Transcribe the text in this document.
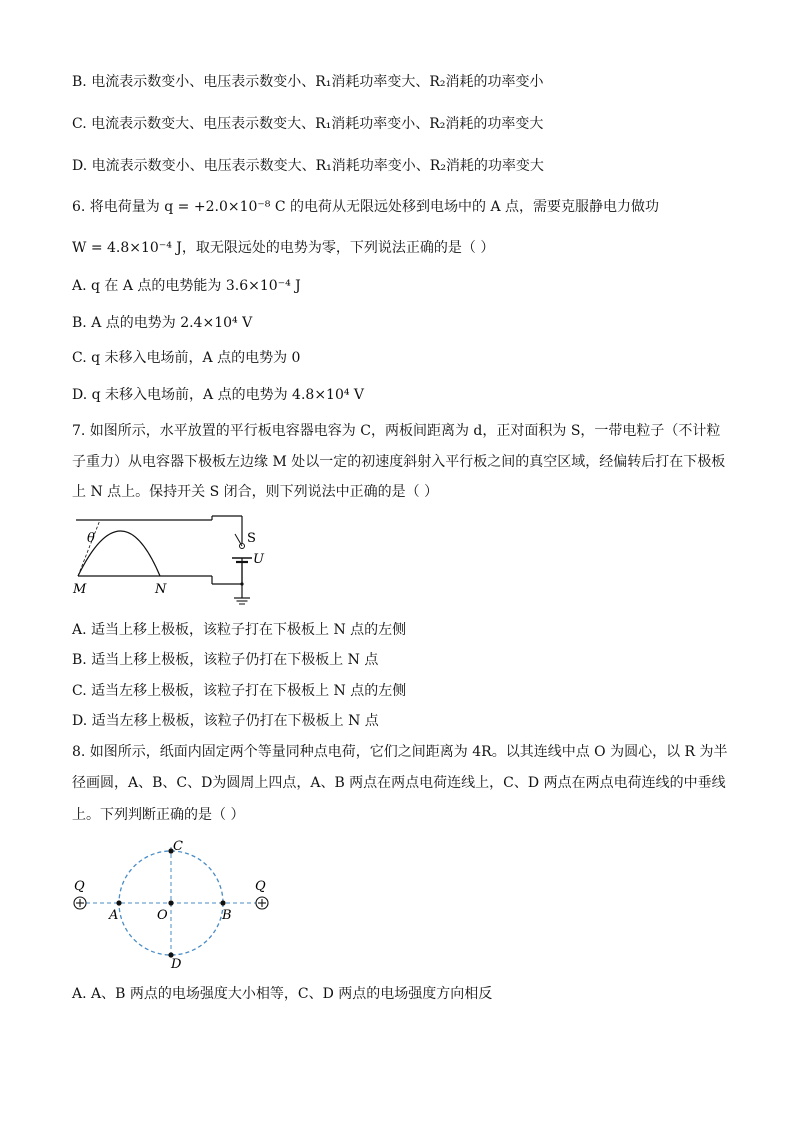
B. 电流表示数变小、电压表示数变小、R₁消耗功率变大、R₂消耗的功率变小
C. 电流表示数变大、电压表示数变大、R₁消耗功率变小、R₂消耗的功率变大
D. 电流表示数变小、电压表示数变大、R₁消耗功率变小、R₂消耗的功率变大
6. 将电荷量为 q = +2.0×10⁻⁸ C 的电荷从无限远处移到电场中的 A 点，需要克服静电力做功
W = 4.8×10⁻⁴ J，取无限远处的电势为零，下列说法正确的是（ ）
A. q 在 A 点的电势能为 3.6×10⁻⁴ J
B. A 点的电势为 2.4×10⁴ V
C. q 未移入电场前，A 点的电势为 0
D. q 未移入电场前，A 点的电势为 4.8×10⁴ V
7. 如图所示，水平放置的平行板电容器电容为 C，两板间距离为 d，正对面积为 S，一带电粒子（不计粒
子重力）从电容器下极板左边缘 M 处以一定的初速度斜射入平行板之间的真空区域，经偏转后打在下极板
上 N 点上。保持开关 S 闭合，则下列说法中正确的是（ ）
θ
M	N
S
U
A. 适当上移上极板，该粒子打在下极板上 N 点的左侧
B. 适当上移上极板，该粒子仍打在下极板上 N 点
C. 适当左移上极板，该粒子打在下极板上 N 点的左侧
D. 适当左移上极板，该粒子仍打在下极板上 N 点
8. 如图所示，纸面内固定两个等量同种点电荷，它们之间距离为 4R。以其连线中点 O 为圆心，以 R 为半
径画圆，A、B、C、D为圆周上四点，A、B 两点在两点电荷连线上，C、D 两点在两点电荷连线的中垂线
上。下列判断正确的是（ ）
Q	Q
A	B
C
D
O
A. A、B 两点的电场强度大小相等，C、D 两点的电场强度方向相反
